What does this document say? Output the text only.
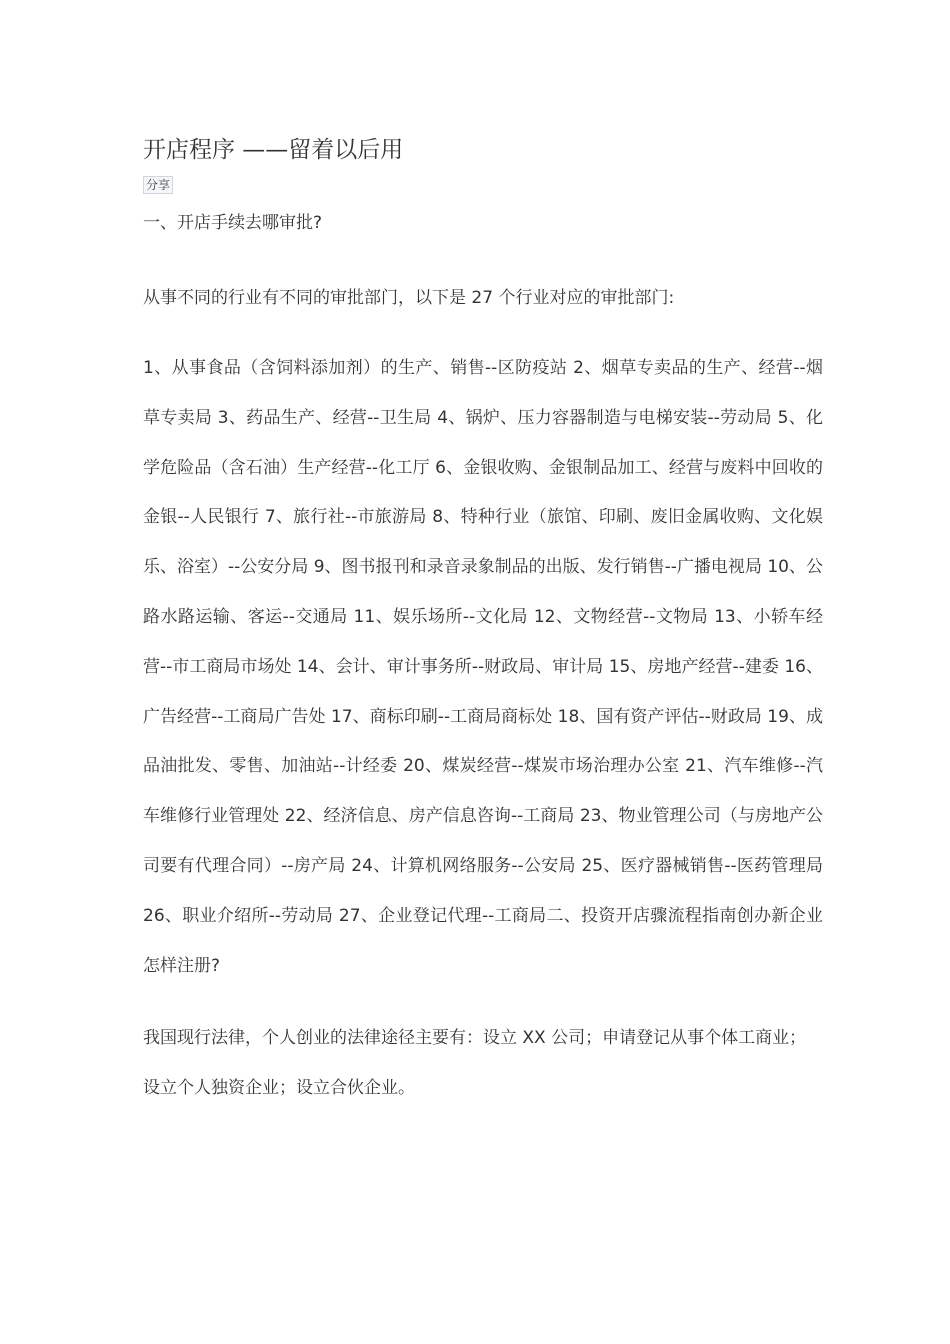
开店程序 ——留着以后用
分享

一、开店手续去哪审批?

从事不同的行业有不同的审批部门，以下是 27 个行业对应的审批部门:

1、从事食品（含饲料添加剂）的生产、销售--区防疫站 2、烟草专卖品的生产、经营--烟草专卖局 3、药品生产、经营--卫生局 4、锅炉、压力容器制造与电梯安装--劳动局 5、化学危险品（含石油）生产经营--化工厅 6、金银收购、金银制品加工、经营与废料中回收的金银--人民银行 7、旅行社--市旅游局 8、特种行业（旅馆、印刷、废旧金属收购、文化娱乐、浴室）--公安分局 9、图书报刊和录音录象制品的出版、发行销售--广播电视局 10、公路水路运输、客运--交通局 11、娱乐场所--文化局 12、文物经营--文物局 13、小轿车经营--市工商局市场处 14、会计、审计事务所--财政局、审计局 15、房地产经营--建委 16、广告经营--工商局广告处 17、商标印刷--工商局商标处 18、国有资产评估--财政局 19、成品油批发、零售、加油站--计经委 20、煤炭经营--煤炭市场治理办公室 21、汽车维修--汽车维修行业管理处 22、经济信息、房产信息咨询--工商局 23、物业管理公司（与房地产公司要有代理合同）--房产局 24、计算机网络服务--公安局 25、医疗器械销售--医药管理局 26、职业介绍所--劳动局 27、企业登记代理--工商局二、投资开店骤流程指南创办新企业怎样注册?

我国现行法律，个人创业的法律途径主要有：设立 XX 公司；申请登记从事个体工商业；设立个人独资企业；设立合伙企业。
